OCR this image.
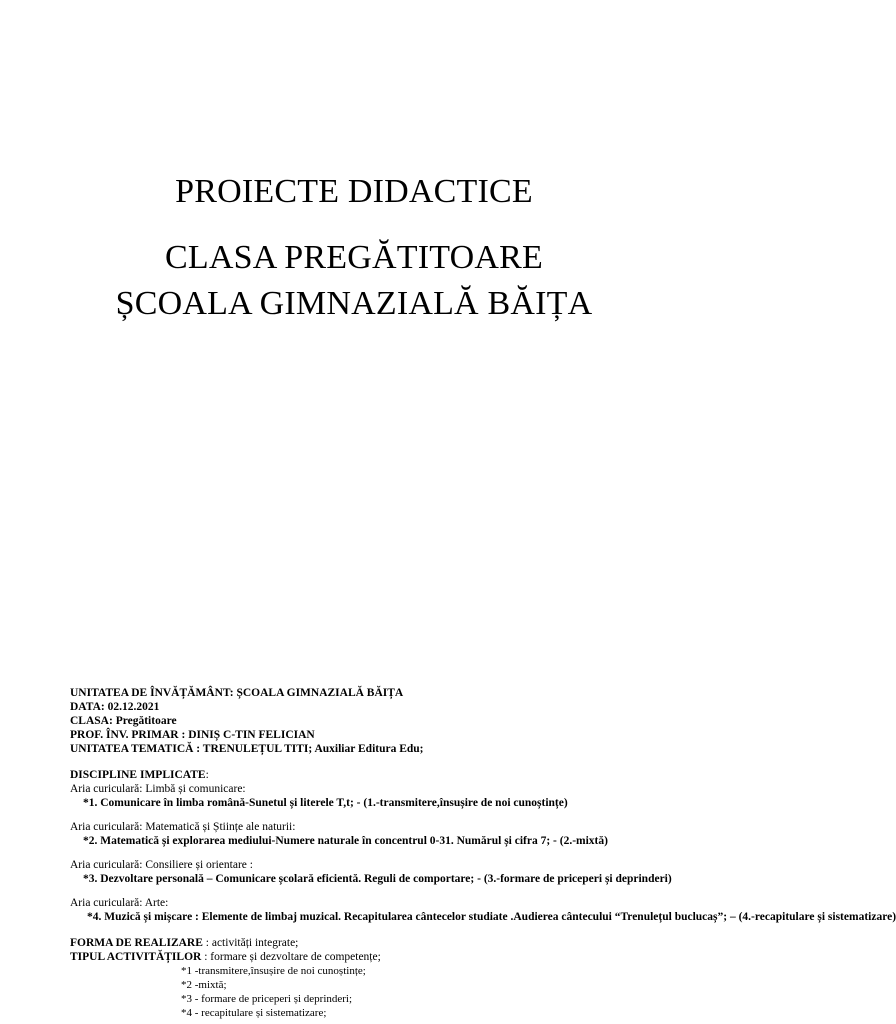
PROIECTE DIDACTICE
CLASA PREGĂTITOARE
ȘCOALA GIMNAZIALĂ BĂIȚA
UNITATEA DE ÎNVĂȚĂMÂNT: ȘCOALA GIMNAZIALĂ BĂIȚA
DATA: 02.12.2021
CLASA: Pregătitoare
PROF. ÎNV. PRIMAR : DINIȘ C-TIN FELICIAN
UNITATEA TEMATICĂ : TRENULEȚUL TITI; Auxiliar Editura Edu;
DISCIPLINE IMPLICATE:
Aria curiculară: Limbă și comunicare:
*1. Comunicare în limba română-Sunetul și literele T,t; - (1.-transmitere,însușire de noi cunoștințe)
Aria curiculară: Matematică și Științe ale naturii:
*2. Matematică și explorarea mediului-Numere naturale în concentrul 0-31. Numărul și cifra 7; - (2.-mixtă)
Aria curiculară: Consiliere și orientare :
*3. Dezvoltare personală – Comunicare școlară eficientă. Reguli de comportare; - (3.-formare de priceperi și deprinderi)
Aria curiculară: Arte:
*4. Muzică și mișcare : Elemente de limbaj muzical. Recapitularea cântecelor studiate .Audierea cântecului “Trenulețul buclucaș”; – (4.-recapitulare și sistematizare)
FORMA DE REALIZARE : activități integrate;
TIPUL ACTIVITĂȚILOR : formare și dezvoltare de competențe;
*1 -transmitere,însușire de noi cunoștințe;
*2 -mixtă;
*3 - formare de priceperi și deprinderi;
*4 - recapitulare și sistematizare;
